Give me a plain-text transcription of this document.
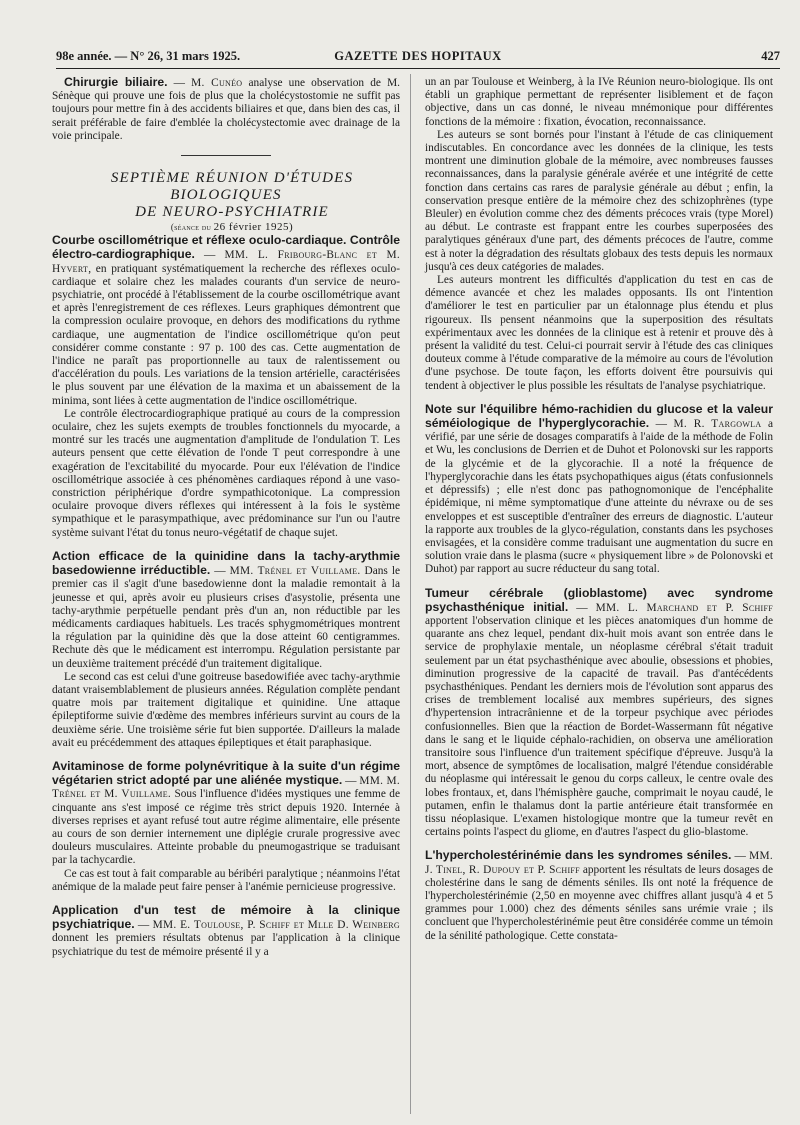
98e année. — N° 26, 31 mars 1925.	GAZETTE DES HOPITAUX	427

Chirurgie biliaire. — M. Cunéo analyse une observation de M. Sénèque qui prouve une fois de plus que la cholécystostomie ne suffit pas toujours pour mettre fin à des accidents biliaires et que, dans bien des cas, il serait préférable de faire d'emblée la cholécystectomie avec drainage de la voie principale.

SEPTIÈME RÉUNION D'ÉTUDES BIOLOGIQUES

DE NEURO-PSYCHIATRIE

(séance du 26 février 1925)

Courbe oscillométrique et réflexe oculo-cardiaque. Contrôle électro-cardiographique. — MM. L. Fribourg-Blanc et M. Hyvert, en pratiquant systématiquement la recherche des réflexes oculo-cardiaque et solaire chez les malades courants d'un service de neuro-psychiatrie, ont procédé à l'établissement de la courbe oscillométrique avant et après l'enregistrement de ces réflexes. Leurs graphiques démontrent que la compression oculaire provoque, en dehors des modifications du rythme cardiaque, une augmentation de l'indice oscillométrique qu'on peut considérer comme constante : 97 p. 100 des cas. Cette augmentation de l'indice ne paraît pas proportionnelle au taux de ralentissement ou d'accélération du pouls. Les variations de la tension artérielle, caractérisées le plus souvent par une élévation de la maxima et un abaissement de la minima, sont liées à cette augmentation de l'indice oscillométrique.

Le contrôle électrocardiographique pratiqué au cours de la compression oculaire, chez les sujets exempts de troubles fonctionnels du myocarde, a montré sur les tracés une augmentation d'amplitude de l'ondulation T. Les auteurs pensent que cette élévation de l'onde T peut correspondre à une exagération de l'excitabilité du myocarde. Pour eux l'élévation de l'indice oscillométrique associée à ces phénomènes cardiaques répond à une vaso-constriction périphérique d'ordre sympathicotonique. La compression oculaire provoque divers réflexes qui intéressent à la fois le système sympathique et le parasympathique, avec prédominance sur l'un ou l'autre système suivant l'état du tonus neuro-végétatif de chaque sujet.

Action efficace de la quinidine dans la tachy-arythmie basedowienne irréductible. — MM. Trénel et Vuillame. Dans le premier cas il s'agit d'une basedowienne dont la maladie remontait à la jeunesse et qui, après avoir eu plusieurs crises d'asystolie, présenta une tachy-arythmie perpétuelle pendant près d'un an, non réductible par les médicaments cardiaques habituels. Les tracés sphygmométriques montrent la régulation par la quinidine dès que la dose atteint 60 centigrammes. Rechute dès que le médicament est interrompu. Régulation persistante par un deuxième traitement précédé d'un traitement digitalique.

Le second cas est celui d'une goitreuse basedowifiée avec tachy-arythmie datant vraisemblablement de plusieurs années. Régulation complète pendant quatre mois par traitement digitalique et quinidine. Une attaque épileptiforme suivie d'œdème des membres inférieurs survint au cours de la deuxième série. Une troisième série fut bien supportée. D'ailleurs la malade avait eu précédemment des attaques épileptiques et était paraphasique.

Avitaminose de forme polynévritique à la suite d'un régime végétarien strict adopté par une aliénée mystique. — MM. M. Trénel et M. Vuillame. Sous l'influence d'idées mystiques une femme de cinquante ans s'est imposé ce régime très strict depuis 1920. Internée à diverses reprises et ayant refusé tout autre régime alimentaire, elle présente au cours de son dernier internement une diplégie crurale progressive avec douleurs musculaires. Atteinte probable du pneumogastrique se traduisant par la tachycardie.

Ce cas est tout à fait comparable au béribéri paralytique ; néanmoins l'état anémique de la malade peut faire penser à l'anémie pernicieuse progressive.

Application d'un test de mémoire à la clinique psychiatrique. — MM. E. Toulouse, P. Schiff et Mlle D. Weinberg donnent les premiers résultats obtenus par l'application à la clinique psychiatrique du test de mémoire présenté il y a

un an par Toulouse et Weinberg, à la IVe Réunion neuro-biologique. Ils ont établi un graphique permettant de représenter lisiblement et de façon objective, dans un cas donné, le niveau mnémonique pour différentes fonctions de la mémoire : fixation, évocation, reconnaissance.

Les auteurs se sont bornés pour l'instant à l'étude de cas cliniquement indiscutables. En concordance avec les données de la clinique, les tests montrent une diminution globale de la mémoire, avec nombreuses fausses reconnaissances, dans la paralysie générale avérée et une intégrité de cette fonction dans certains cas rares de paralysie générale au début ; enfin, la conservation presque entière de la mémoire chez des schizophrènes (type Bleuler) en évolution comme chez des déments précoces vrais (type Morel) au début. Le contraste est frappant entre les courbes superposées des paralytiques généraux d'une part, des déments précoces de l'autre, comme est à noter la dégradation des résultats globaux des tests depuis les normaux jusqu'à ces deux catégories de malades.

Les auteurs montrent les difficultés d'application du test en cas de démence avancée et chez les malades opposants. Ils ont l'intention d'améliorer le test en particulier par un étalonnage plus étendu et plus rigoureux. Ils pensent néanmoins que la superposition des résultats expérimentaux avec les données de la clinique est à retenir et prouve dès à présent la validité du test. Celui-ci pourrait servir à l'étude des cas cliniques douteux comme à l'étude comparative de la mémoire au cours de l'évolution d'une psychose. De toute façon, les efforts doivent être poursuivis qui tendent à objectiver le plus possible les résultats de l'analyse psychiatrique.

Note sur l'équilibre hémo-rachidien du glucose et la valeur séméiologique de l'hyperglycorachie. — M. R. Targowla a vérifié, par une série de dosages comparatifs à l'aide de la méthode de Folin et Wu, les conclusions de Derrien et de Duhot et Polonovski sur les rapports de la glycémie et de la glycorachie. Il a noté la fréquence de l'hyperglycorachie dans les états psychopathiques aigus (états confusionnels et dépressifs) ; elle n'est donc pas pathognomonique de l'encéphalite épidémique, ni même symptomatique d'une atteinte du névraxe ou de ses enveloppes et est susceptible d'entraîner des erreurs de diagnostic. L'auteur la rapporte aux troubles de la glyco-régulation, constants dans les psychoses envisagées, et la considère comme traduisant une augmentation du sucre en solution vraie dans le plasma (sucre « physiquement libre » de Polonovski et Duhot) par rapport au sucre réducteur du sang total.

Tumeur cérébrale (glioblastome) avec syndrome psychasthénique initial. — MM. L. Marchand et P. Schiff apportent l'observation clinique et les pièces anatomiques d'un homme de quarante ans chez lequel, pendant dix-huit mois avant son entrée dans le service de prophylaxie mentale, un néoplasme cérébral s'était traduit seulement par un état psychasthénique avec aboulie, obsessions et phobies, diminution progressive de la capacité de travail. Pas d'antécédents psychasthéniques. Pendant les derniers mois de l'évolution sont apparus des crises de tremblement localisé aux membres supérieurs, des signes d'hypertension intracrânienne et de la torpeur psychique avec périodes confusionnelles. Bien que la réaction de Bordet-Wassermann fût négative dans le sang et le liquide céphalo-rachidien, on observa une amélioration transitoire sous l'influence d'un traitement spécifique d'épreuve. Jusqu'à la mort, absence de symptômes de localisation, malgré l'étendue considérable du néoplasme qui intéressait le genou du corps calleux, le centre ovale des lobes frontaux, et, dans l'hémisphère gauche, comprimait le noyau caudé, le putamen, enfin le thalamus dont la partie antérieure était transformée en tissu néoplasique. L'examen histologique montre que la tumeur revêt en certains points l'aspect du gliome, en d'autres l'aspect du glio-blastome.

L'hypercholestérinémie dans les syndromes séniles. — MM. J. Tinel, R. Dupouy et P. Schiff apportent les résultats de leurs dosages de cholestérine dans le sang de déments séniles. Ils ont noté la fréquence de l'hypercholestérinémie (2,50 en moyenne avec chiffres allant jusqu'à 4 et 5 grammes pour 1.000) chez des déments séniles sans urémie vraie ; ils concluent que l'hypercholestérinémie peut être considérée comme un témoin de la sénilité pathologique. Cette constata-
